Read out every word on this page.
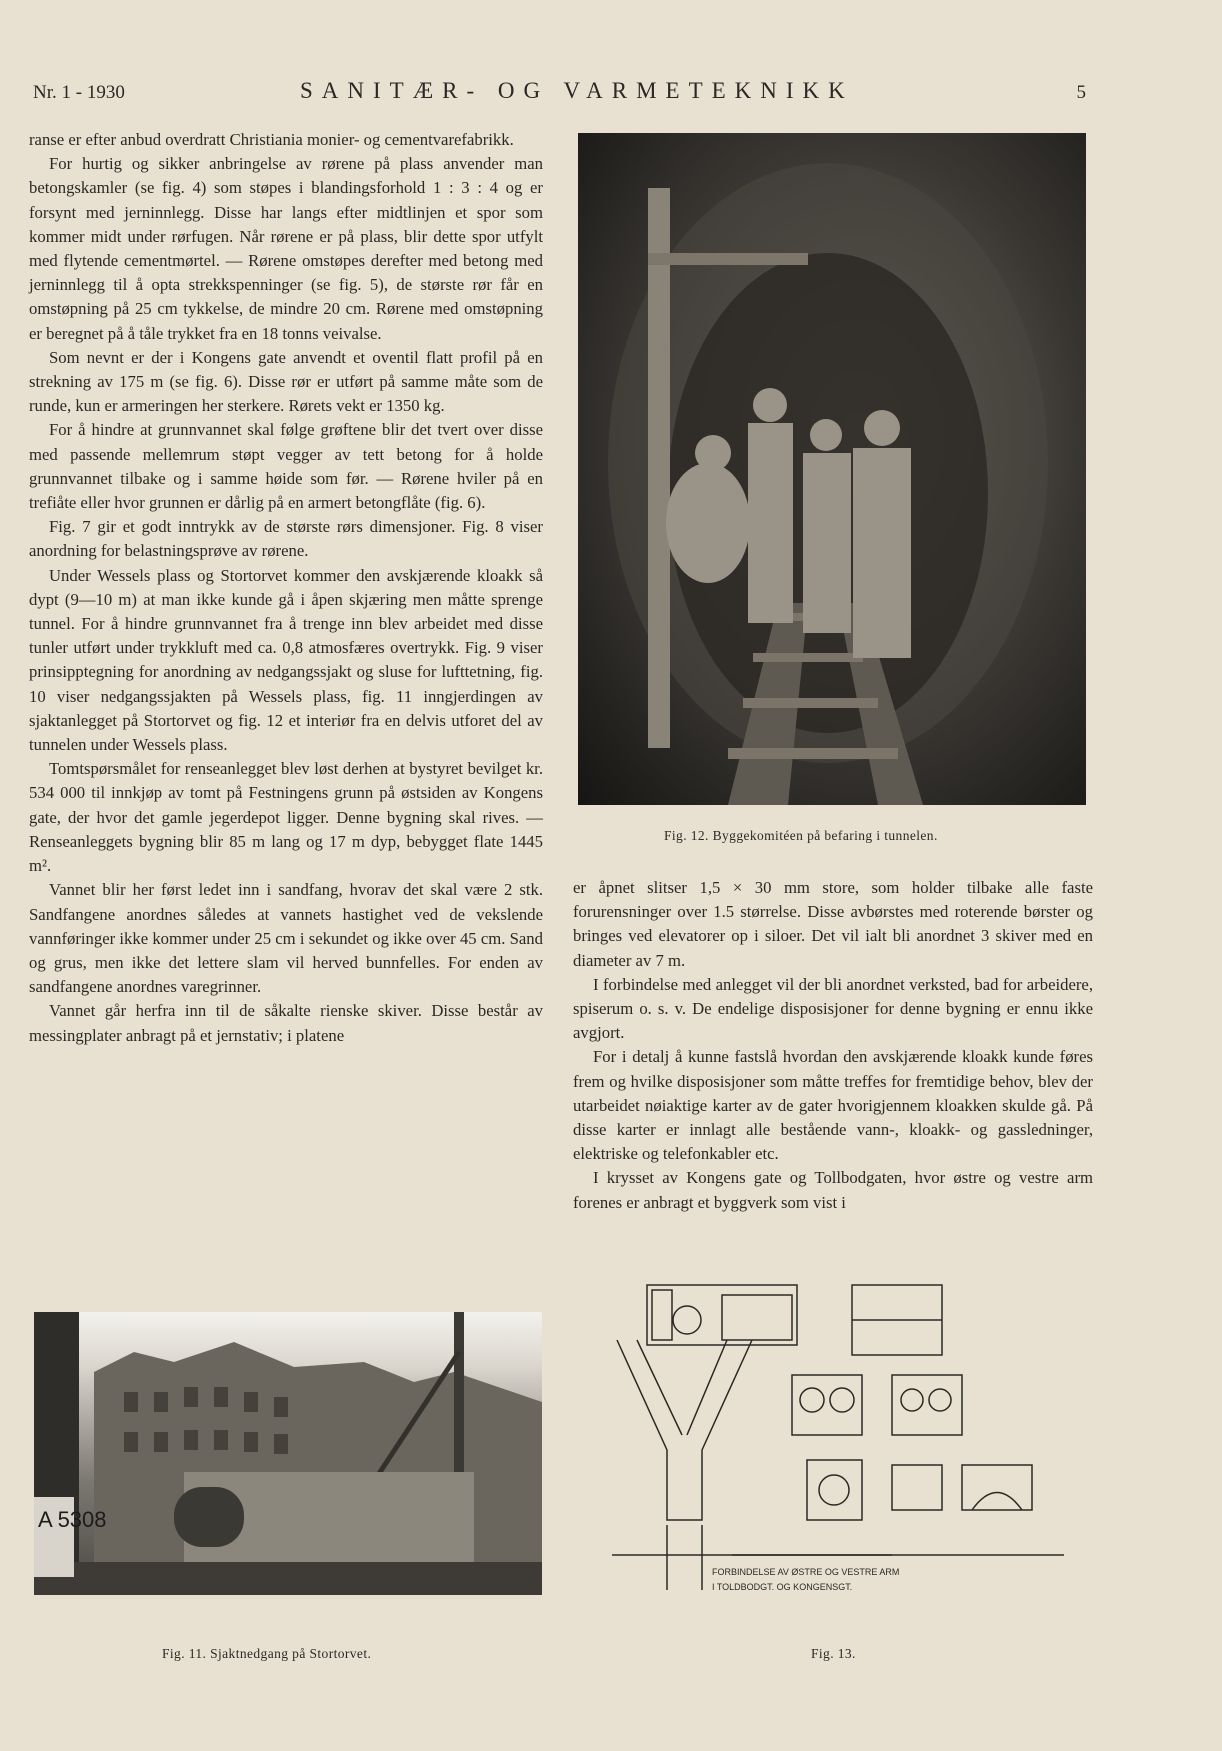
Nr. 1 - 1930	SANITÆR- OG VARMETEKNIKK	5

ranse er efter anbud overdratt Christiania monier- og cementvarefabrikk.

For hurtig og sikker anbringelse av rørene på plass anvender man betongskamler (se fig. 4) som støpes i blandingsforhold 1 : 3 : 4 og er forsynt med jerninnlegg. Disse har langs efter midtlinjen et spor som kommer midt under rørfugen. Når rørene er på plass, blir dette spor utfylt med flytende cementmørtel. — Rørene omstøpes derefter med betong med jerninnlegg til å opta strekkspenninger (se fig. 5), de største rør får en omstøpning på 25 cm tykkelse, de mindre 20 cm. Rørene med omstøpning er beregnet på å tåle trykket fra en 18 tonns veivalse.

Som nevnt er der i Kongens gate anvendt et oventil flatt profil på en strekning av 175 m (se fig. 6). Disse rør er utført på samme måte som de runde, kun er armeringen her sterkere. Rørets vekt er 1350 kg.

For å hindre at grunnvannet skal følge grøftene blir det tvert over disse med passende mellemrum støpt vegger av tett betong for å holde grunnvannet tilbake og i samme høide som før. — Rørene hviler på en trefiåte eller hvor grunnen er dårlig på en armert betongflåte (fig. 6).

Fig. 7 gir et godt inntrykk av de største rørs dimensjoner. Fig. 8 viser anordning for belastningsprøve av rørene.

Under Wessels plass og Stortorvet kommer den avskjærende kloakk så dypt (9—10 m) at man ikke kunde gå i åpen skjæring men måtte sprenge tunnel. For å hindre grunnvannet fra å trenge inn blev arbeidet med disse tunler utført under trykkluft med ca. 0,8 atmosfæres overtrykk. Fig. 9 viser prinsipptegning for anordning av nedgangssjakt og sluse for lufttetning, fig. 10 viser nedgangssjakten på Wessels plass, fig. 11 inngjerdingen av sjaktanlegget på Stortorvet og fig. 12 et interiør fra en delvis utforet del av tunnelen under Wessels plass.

Tomtspørsmålet for renseanlegget blev løst derhen at bystyret bevilget kr. 534 000 til innkjøp av tomt på Festningens grunn på østsiden av Kongens gate, der hvor det gamle jegerdepot ligger. Denne bygning skal rives. — Renseanleggets bygning blir 85 m lang og 17 m dyp, bebygget flate 1445 m².

Vannet blir her først ledet inn i sandfang, hvorav det skal være 2 stk. Sandfangene anordnes således at vannets hastighet ved de vekslende vannføringer ikke kommer under 25 cm i sekundet og ikke over 45 cm. Sand og grus, men ikke det lettere slam vil herved bunnfelles. For enden av sandfangene anordnes varegrinner.

Vannet går herfra inn til de såkalte rienske skiver. Disse består av messingplater anbragt på et jernstativ; i platene

Fig. 12. Byggekomitéen på befaring i tunnelen.
A 5308
Fig. 11. Sjaktnedgang på Stortorvet.

er åpnet slitser 1,5 × 30 mm store, som holder tilbake alle faste forurensninger over 1.5 størrelse. Disse avbørstes med roterende børster og bringes ved elevatorer op i siloer. Det vil ialt bli anordnet 3 skiver med en diameter av 7 m.

I forbindelse med anlegget vil der bli anordnet verksted, bad for arbeidere, spiserum o. s. v. De endelige disposisjoner for denne bygning er ennu ikke avgjort.

For i detalj å kunne fastslå hvordan den avskjærende kloakk kunde føres frem og hvilke disposisjoner som måtte treffes for fremtidige behov, blev der utarbeidet nøiaktige karter av de gater hvorigjennem kloakken skulde gå. På disse karter er innlagt alle bestående vann-, kloakk- og gassledninger, elektriske og telefonkabler etc.

I krysset av Kongens gate og Tollbodgaten, hvor østre og vestre arm forenes er anbragt et byggverk som vist i

FORBINDELSE AV ØSTRE OG VESTRE ARM
I TOLDBODGT. OG KONGENSGT.
Fig. 13.
